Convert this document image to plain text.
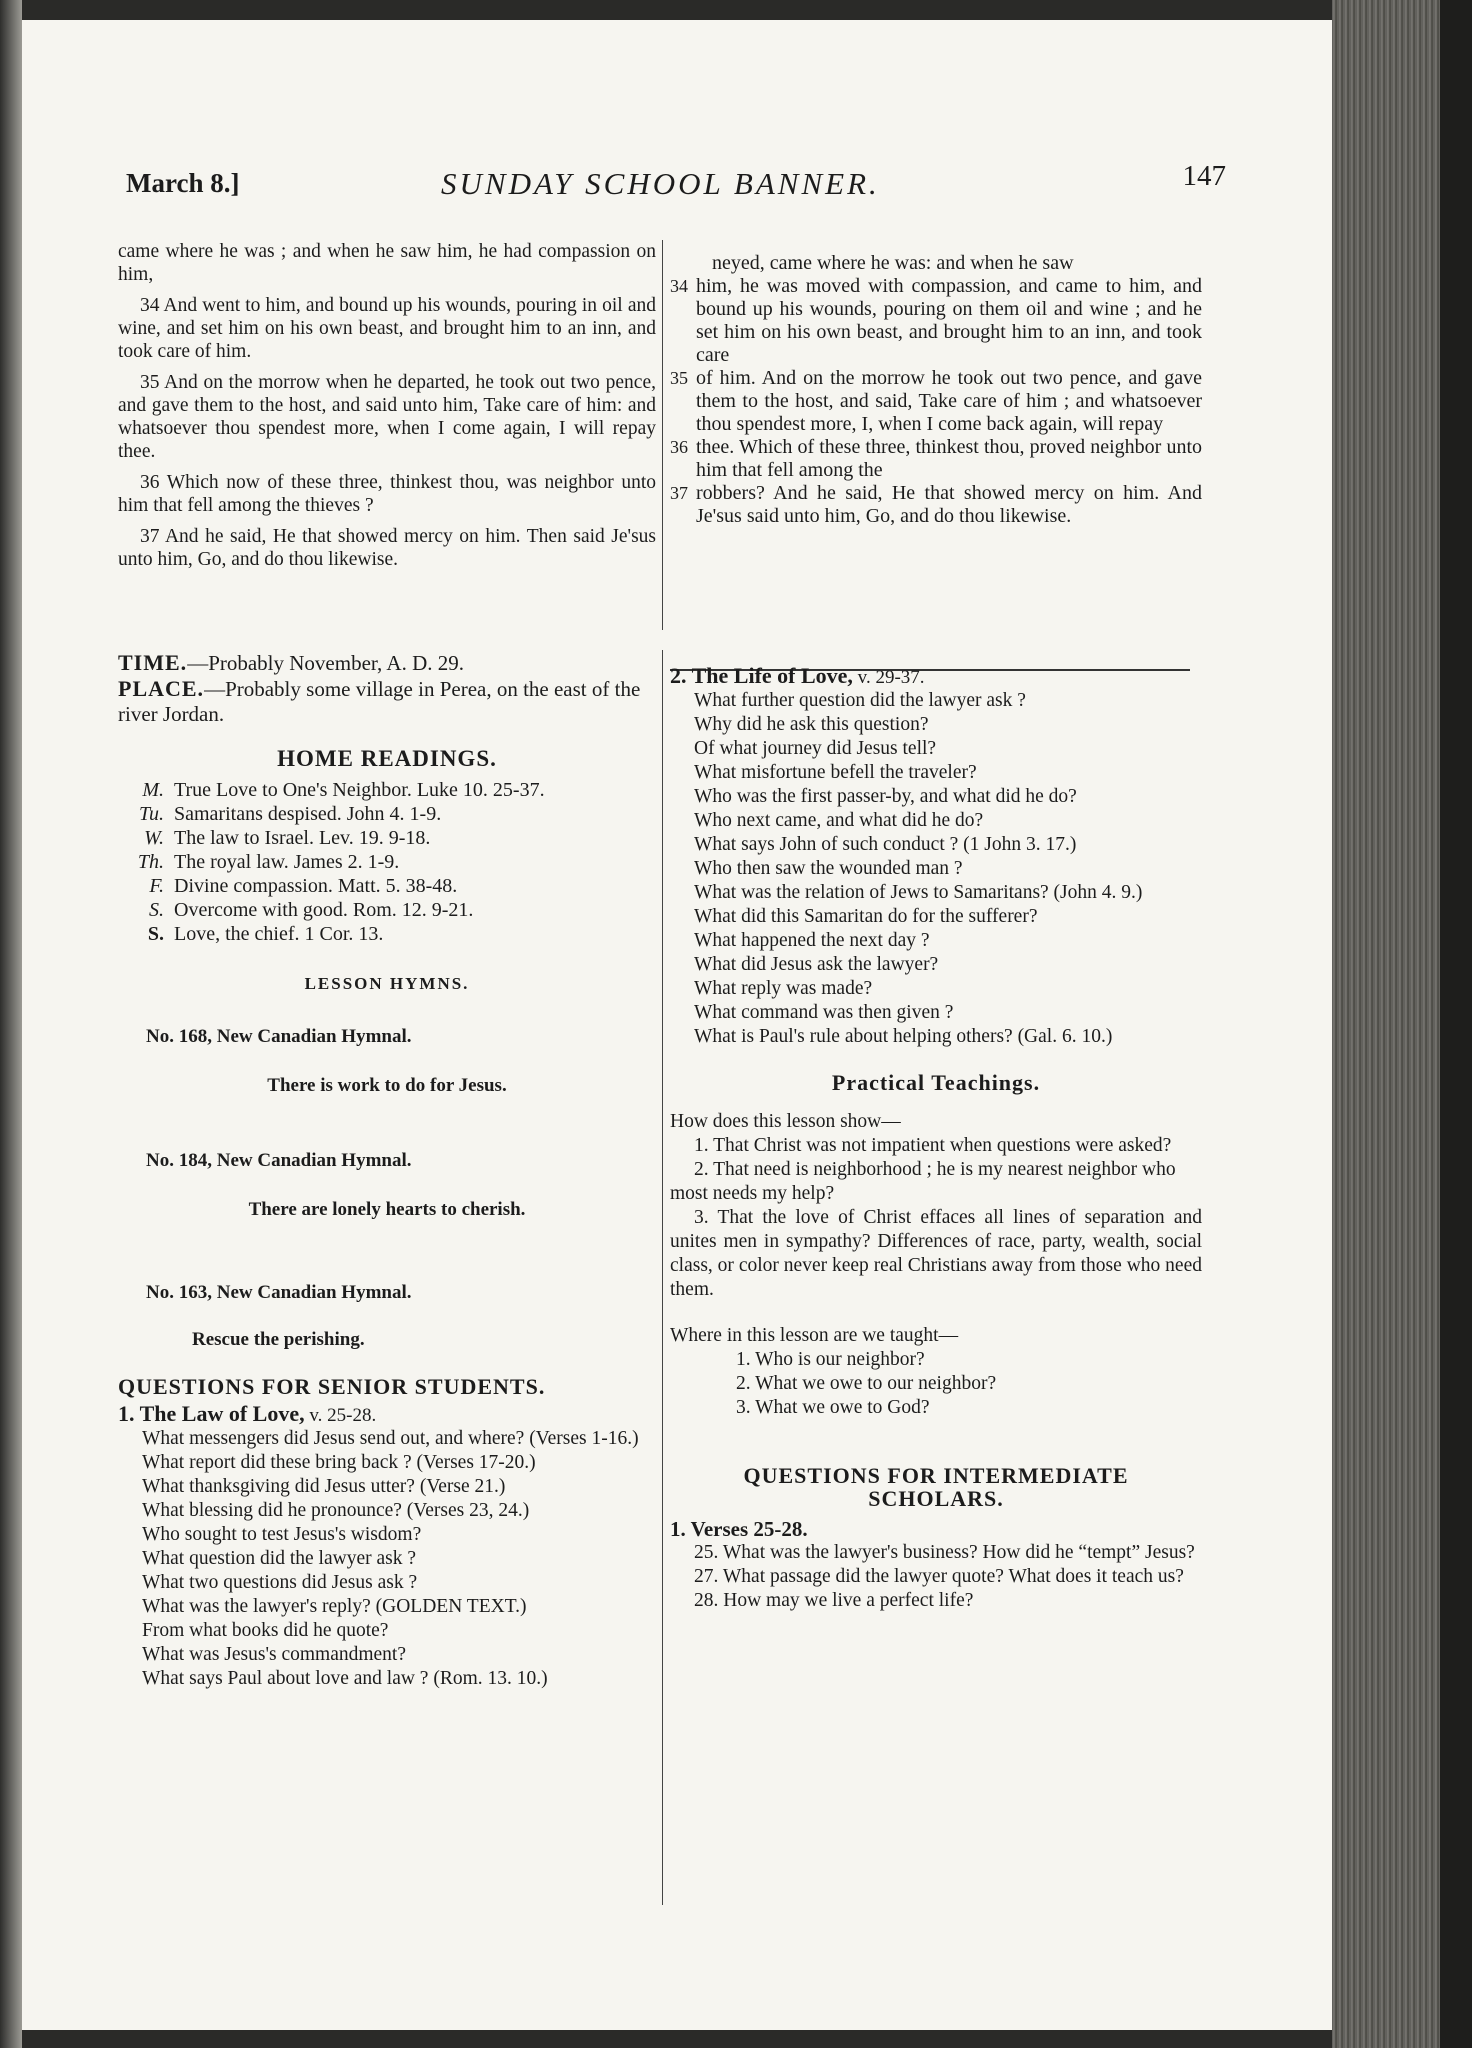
March 8.]	SUNDAY SCHOOL BANNER.	147

came where he was ; and when he saw him, he had compassion on him,

34 And went to him, and bound up his wounds, pouring in oil and wine, and set him on his own beast, and brought him to an inn, and took care of him.

35 And on the morrow when he departed, he took out two pence, and gave them to the host, and said unto him, Take care of him: and whatsoever thou spendest more, when I come again, I will repay thee.

36 Which now of these three, thinkest thou, was neighbor unto him that fell among the thieves ?

37 And he said, He that showed mercy on him. Then said Je'sus unto him, Go, and do thou likewise.

neyed, came where he was: and when he saw
34 him, he was moved with compassion, and came to him, and bound up his wounds, pouring on them oil and wine ; and he set him on his own beast, and brought him to an inn, and took care
35 of him. And on the morrow he took out two pence, and gave them to the host, and said, Take care of him ; and whatsoever thou spendest more, I, when I come back again, will repay
36 thee. Which of these three, thinkest thou, proved neighbor unto him that fell among the
37 robbers? And he said, He that showed mercy on him. And Je'sus said unto him, Go, and do thou likewise.

TIME.—Probably November, A. D. 29.

PLACE.—Probably some village in Perea, on the east of the river Jordan.

HOME READINGS.

M. True Love to One's Neighbor. Luke 10. 25-37.
Tu. Samaritans despised. John 4. 1-9.
W. The law to Israel. Lev. 19. 9-18.
Th. The royal law. James 2. 1-9.
F. Divine compassion. Matt. 5. 38-48.
S. Overcome with good. Rom. 12. 9-21.
S. Love, the chief. 1 Cor. 13.

LESSON HYMNS.

No. 168, New Canadian Hymnal.

There is work to do for Jesus.

No. 184, New Canadian Hymnal.

There are lonely hearts to cherish.

No. 163, New Canadian Hymnal.

Rescue the perishing.

QUESTIONS FOR SENIOR STUDENTS.

1. The Law of Love, v. 25-28.

What messengers did Jesus send out, and where? (Verses 1-16.)

What report did these bring back ? (Verses 17-20.)

What thanksgiving did Jesus utter? (Verse 21.)

What blessing did he pronounce? (Verses 23, 24.)

Who sought to test Jesus's wisdom?

What question did the lawyer ask ?

What two questions did Jesus ask ?

What was the lawyer's reply? (GOLDEN TEXT.)

From what books did he quote?

What was Jesus's commandment?

What says Paul about love and law ? (Rom. 13. 10.)

2. The Life of Love, v. 29-37.

What further question did the lawyer ask ?

Why did he ask this question?

Of what journey did Jesus tell?

What misfortune befell the traveler?

Who was the first passer-by, and what did he do?

Who next came, and what did he do?

What says John of such conduct ? (1 John 3. 17.)

Who then saw the wounded man ?

What was the relation of Jews to Samaritans? (John 4. 9.)

What did this Samaritan do for the sufferer?

What happened the next day ?

What did Jesus ask the lawyer?

What reply was made?

What command was then given ?

What is Paul's rule about helping others? (Gal. 6. 10.)

Practical Teachings.

How does this lesson show—

1. That Christ was not impatient when questions were asked?

2. That need is neighborhood ; he is my nearest neighbor who most needs my help?

3. That the love of Christ effaces all lines of separation and unites men in sympathy? Differences of race, party, wealth, social class, or color never keep real Christians away from those who need them.

Where in this lesson are we taught—

1. Who is our neighbor?

2. What we owe to our neighbor?

3. What we owe to God?

QUESTIONS FOR INTERMEDIATE

SCHOLARS.

1. Verses 25-28.

25. What was the lawyer's business? How did he “tempt” Jesus?

27. What passage did the lawyer quote? What does it teach us?

28. How may we live a perfect life?
